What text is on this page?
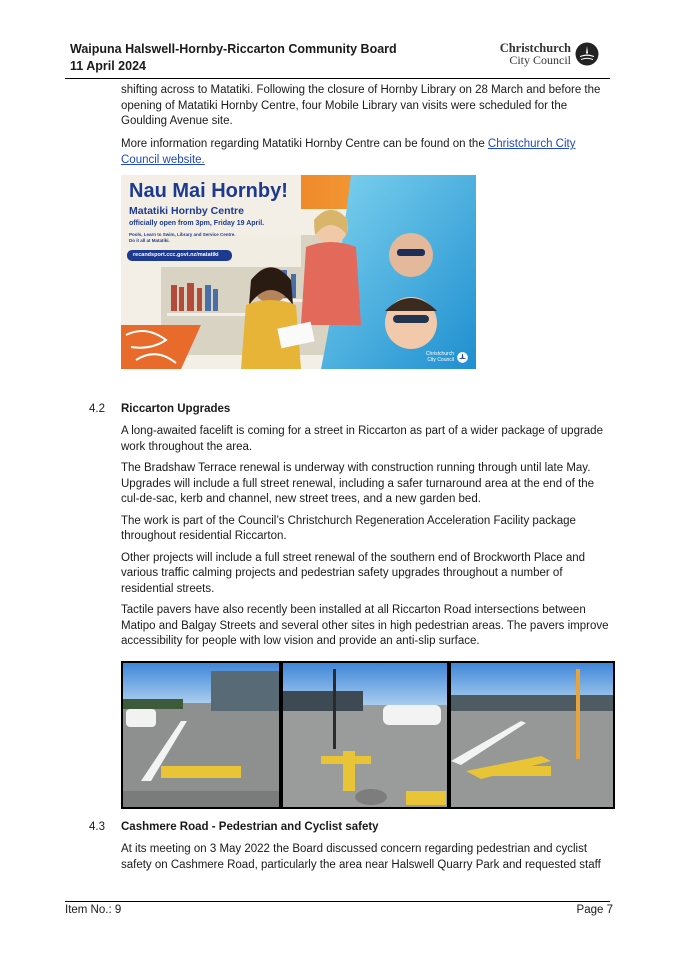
Waipuna Halswell-Hornby-Riccarton Community Board
11 April 2024
Christchurch
City Council

shifting across to Matatiki. Following the closure of Hornby Library on 28 March and before the opening of Matatiki Hornby Centre, four Mobile Library van visits were scheduled for the Goulding Avenue site.

More information regarding Matatiki Hornby Centre can be found on the Christchurch City Council website.

Nau Mai Hornby!
Matatiki Hornby Centre
officially open from 3pm, Friday 19 April.
Pools, Learn to Swim, Library and Service Centre.
Do it all at Matatiki.
recandsport.ccc.govt.nz/matatiki
Christchurch
City Council
4.2 Riccarton Upgrades

A long-awaited facelift is coming for a street in Riccarton as part of a wider package of upgrade work throughout the area.

The Bradshaw Terrace renewal is underway with construction running through until late May. Upgrades will include a full street renewal, including a safer turnaround area at the end of the cul-de-sac, kerb and channel, new street trees, and a new garden bed.

The work is part of the Council’s Christchurch Regeneration Acceleration Facility package throughout residential Riccarton.

Other projects will include a full street renewal of the southern end of Brockworth Place and various traffic calming projects and pedestrian safety upgrades throughout a number of residential streets.

Tactile pavers have also recently been installed at all Riccarton Road intersections between Matipo and Balgay Streets and several other sites in high pedestrian areas. The pavers improve accessibility for people with low vision and provide an anti-slip surface.

4.3 Cashmere Road - Pedestrian and Cyclist safety

At its meeting on 3 May 2022 the Board discussed concern regarding pedestrian and cyclist safety on Cashmere Road, particularly the area near Halswell Quarry Park and requested staff

Item No.: 9	Page 7
